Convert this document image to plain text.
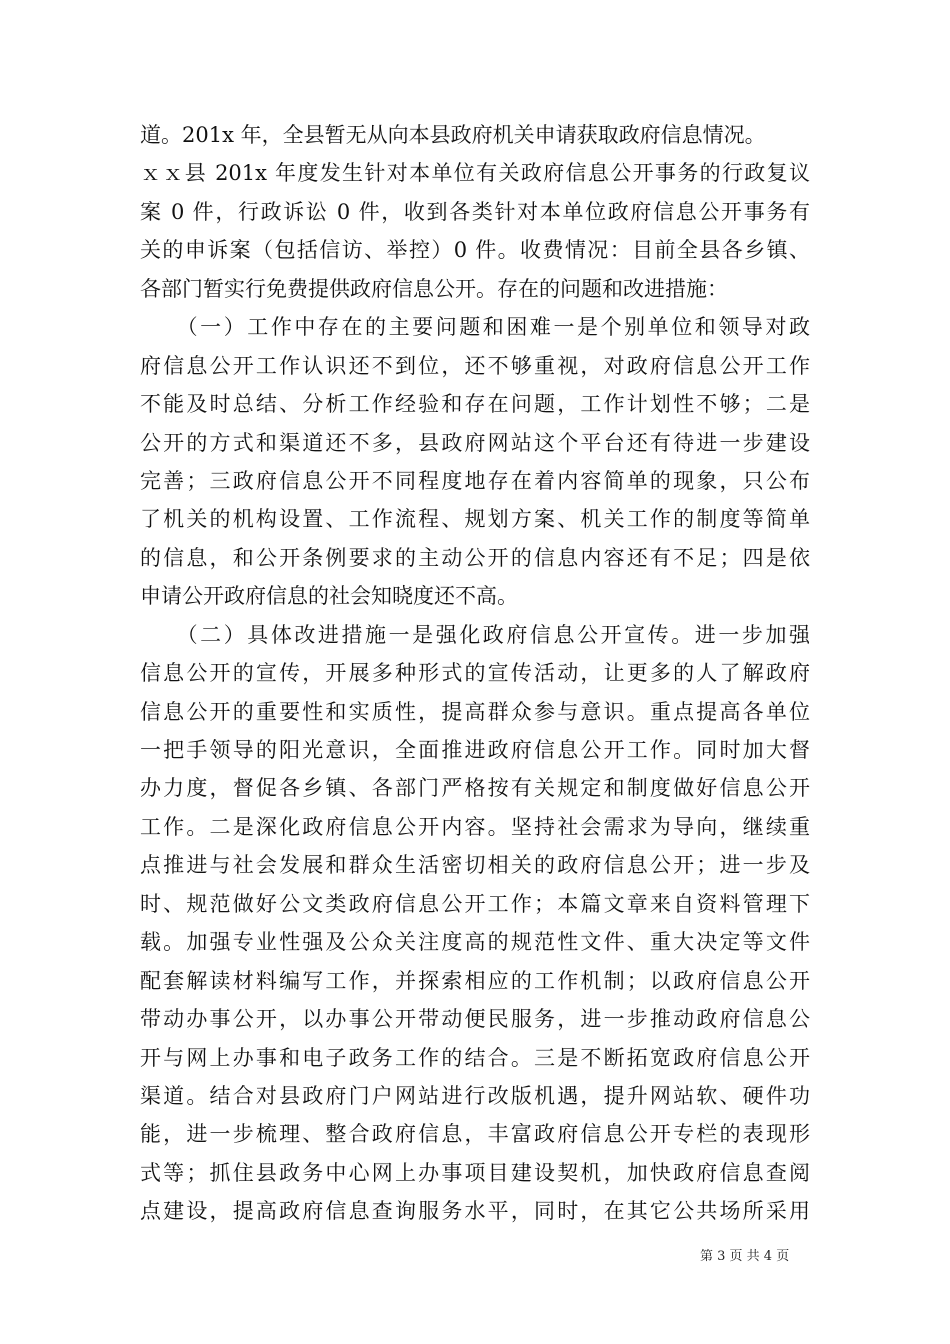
道。201x 年，全县暂无从向本县政府机关申请获取政府信息情况。
ｘｘ县 201x 年度发生针对本单位有关政府信息公开事务的行政复议
案 0 件，行政诉讼 0 件，收到各类针对本单位政府信息公开事务有
关的申诉案（包括信访、举控）0 件。收费情况：目前全县各乡镇、
各部门暂实行免费提供政府信息公开。存在的问题和改进措施：
　　（一）工作中存在的主要问题和困难一是个别单位和领导对政
府信息公开工作认识还不到位，还不够重视，对政府信息公开工作
不能及时总结、分析工作经验和存在问题，工作计划性不够；二是
公开的方式和渠道还不多，县政府网站这个平台还有待进一步建设
完善；三政府信息公开不同程度地存在着内容简单的现象，只公布
了机关的机构设置、工作流程、规划方案、机关工作的制度等简单
的信息，和公开条例要求的主动公开的信息内容还有不足；四是依
申请公开政府信息的社会知晓度还不高。
　　（二）具体改进措施一是强化政府信息公开宣传。进一步加强
信息公开的宣传，开展多种形式的宣传活动，让更多的人了解政府
信息公开的重要性和实质性，提高群众参与意识。重点提高各单位
一把手领导的阳光意识，全面推进政府信息公开工作。同时加大督
办力度，督促各乡镇、各部门严格按有关规定和制度做好信息公开
工作。二是深化政府信息公开内容。坚持社会需求为导向，继续重
点推进与社会发展和群众生活密切相关的政府信息公开；进一步及
时、规范做好公文类政府信息公开工作；本篇文章来自资料管理下
载。加强专业性强及公众关注度高的规范性文件、重大决定等文件
配套解读材料编写工作，并探索相应的工作机制；以政府信息公开
带动办事公开，以办事公开带动便民服务，进一步推动政府信息公
开与网上办事和电子政务工作的结合。三是不断拓宽政府信息公开
渠道。结合对县政府门户网站进行改版机遇，提升网站软、硬件功
能，进一步梳理、整合政府信息，丰富政府信息公开专栏的表现形
式等；抓住县政务中心网上办事项目建设契机，加快政府信息查阅
点建设，提高政府信息查询服务水平，同时，在其它公共场所采用
第 3 页 共 4 页
